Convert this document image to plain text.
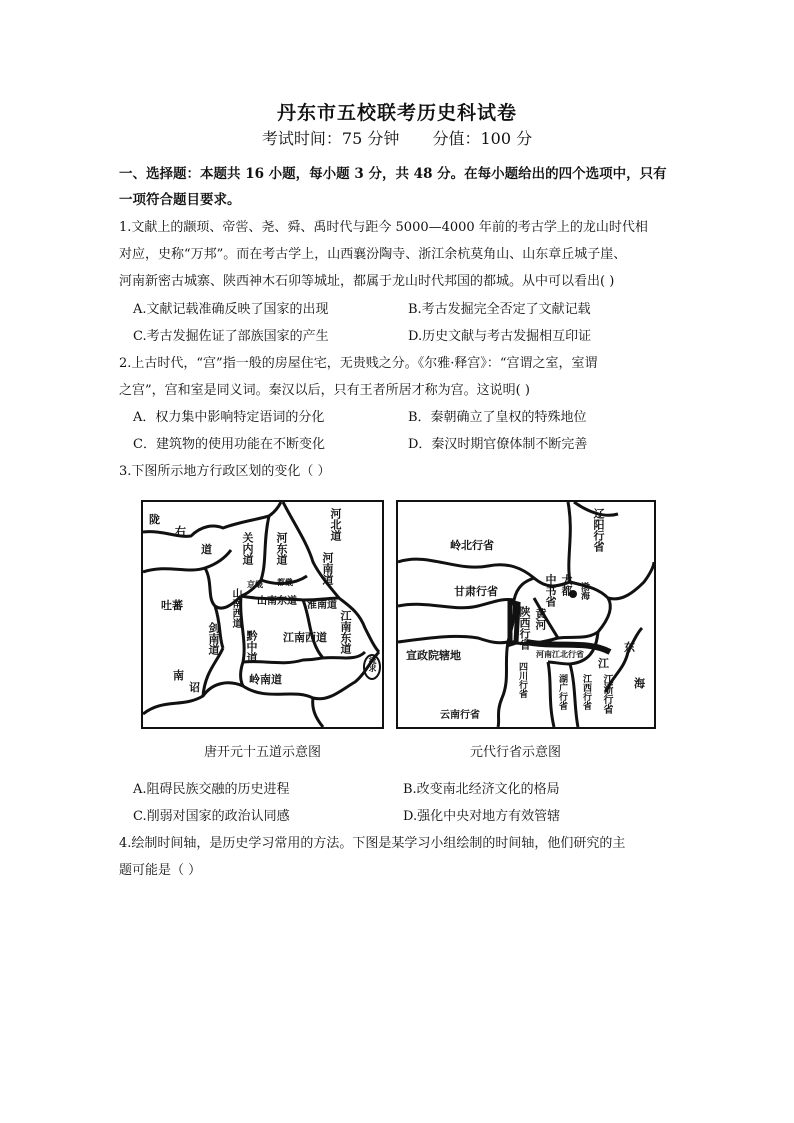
丹东市五校联考历史科试卷
考试时间：75 分钟 分值：100 分
一、选择题：本题共 16 小题，每小题 3 分，共 48 分。在每小题给出的四个选项中，只有
一项符合题目要求。
1.文献上的颛顼、帝喾、尧、舜、禹时代与距今 5000—4000 年前的考古学上的龙山时代相
对应，史称“万邦”。而在考古学上，山西襄汾陶寺、浙江余杭莫角山、山东章丘城子崖、
河南新密古城寨、陕西神木石卯等城址，都属于龙山时代邦国的都城。从中可以看出( )
A.文献记载准确反映了国家的出现	B.考古发掘完全否定了文献记载
C.考古发掘佐证了部族国家的产生	D.历史文献与考古发掘相互印证
2.上古时代，“宫”指一般的房屋住宅，无贵贱之分。《尔雅·释宫》：“宫谓之室，室谓
之宫”，宫和室是同义词。秦汉以后，只有王者所居才称为宫。这说明( )
A．权力集中影响特定语词的分化	B．秦朝确立了皇权的特殊地位
C．建筑物的使用功能在不断变化	D．秦汉时期官僚体制不断完善
3.下图所示地方行政区划的变化（ ）
陇
右
道	关内道
河北道
河东道
河南道
京畿 都畿
吐蕃	山南西道 山南东道 淮南道
剑南道 黔中道 江南西道 江南东道
南
诏
岭南道
流求
唐开元十五道示意图
岭北行省	辽阳行省
甘肃行省	中书省 大都
陕西行省 黄河
渤海
宣政院辖地	河南江北行省
四川行省	江
东
海
江浙行省
湖广行省 江西行省
云南行省
元代行省示意图
A.阻碍民族交融的历史进程	B.改变南北经济文化的格局
C.削弱对国家的政治认同感	D.强化中央对地方有效管辖
4.绘制时间轴，是历史学习常用的方法。下图是某学习小组绘制的时间轴，他们研究的主
题可能是（ ）
